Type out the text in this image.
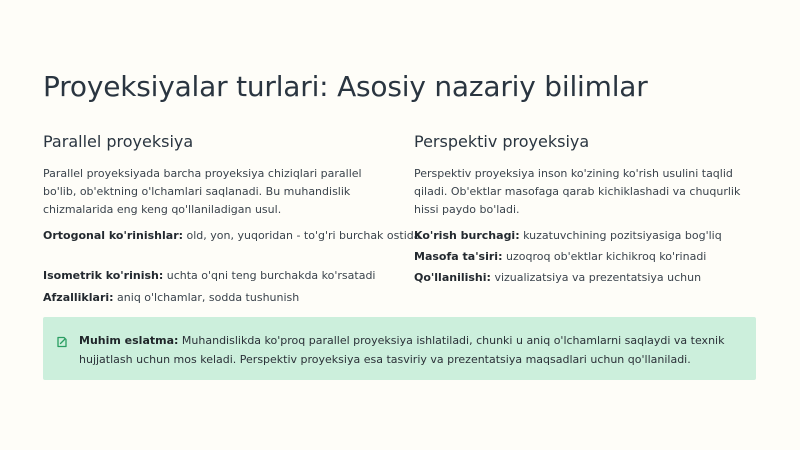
Proyeksiyalar turlari: Asosiy nazariy bilimlar
Parallel proyeksiya

Parallel proyeksiyada barcha proyeksiya chiziqlari parallel bo'lib, ob'ektning o'lchamlari saqlanadi. Bu muhandislik chizmalarida eng keng qo'llaniladigan usul.

Ortogonal ko'rinishlar: old, yon, yuqoridan - to'g'ri burchak ostida

Isometrik ko'rinish: uchta o'qni teng burchakda ko'rsatadi

Afzalliklari: aniq o'lchamlar, sodda tushunish

Perspektiv proyeksiya

Perspektiv proyeksiya inson ko'zining ko'rish usulini taqlid qiladi. Ob'ektlar masofaga qarab kichiklashadi va chuqurlik hissi paydo bo'ladi.

Ko'rish burchagi: kuzatuvchining pozitsiyasiga bog'liq

Masofa ta'siri: uzoqroq ob'ektlar kichikroq ko'rinadi

Qo'llanilishi: vizualizatsiya va prezentatsiya uchun

Muhim eslatma: Muhandislikda ko'proq parallel proyeksiya ishlatiladi, chunki u aniq o'lchamlarni saqlaydi va texnik hujjatlash uchun mos keladi. Perspektiv proyeksiya esa tasviriy va prezentatsiya maqsadlari uchun qo'llaniladi.
